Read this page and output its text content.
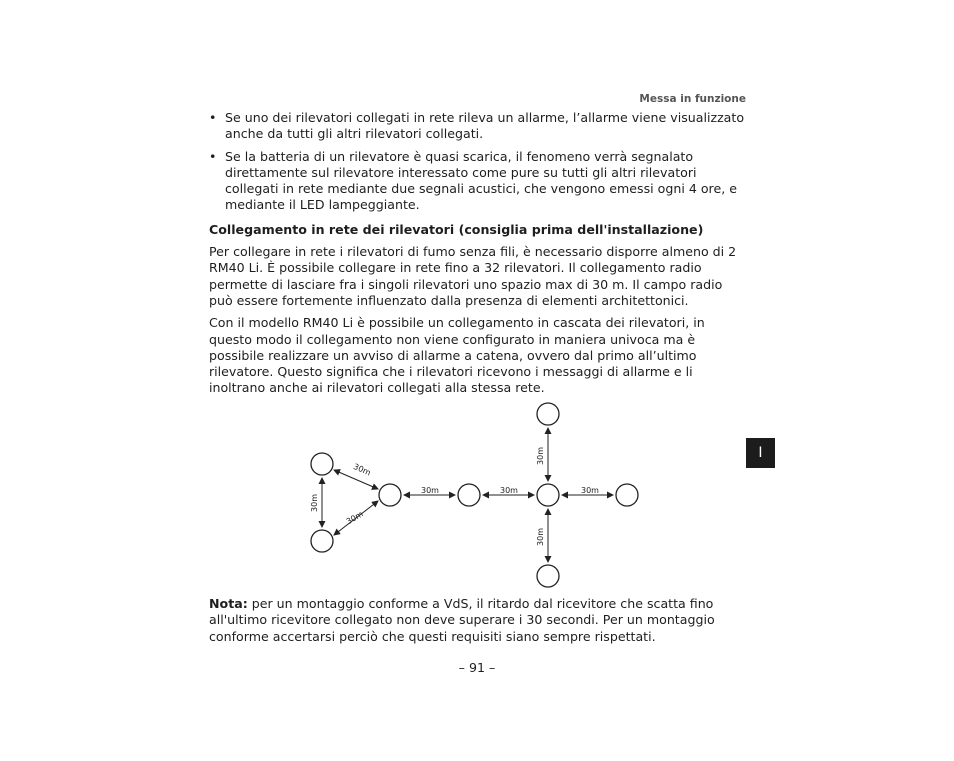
Messa in funzione
• Se uno dei rilevatori collegati in rete rileva un allarme, l’allarme viene visualizzato anche da tutti gli altri rilevatori collegati.
• Se la batteria di un rilevatore è quasi scarica, il fenomeno verrà segnalato direttamente sul rilevatore interessato come pure su tutti gli altri rilevatori collegati in rete mediante due segnali acustici, che vengono emessi ogni 4 ore, e mediante il LED lampeggiante.
Collegamento in rete dei rilevatori (consiglia prima dell'installazione)
Per collegare in rete i rilevatori di fumo senza fili, è necessario disporre almeno di 2 RM40 Li. È possibile collegare in rete fino a 32 rilevatori. Il collegamento radio permette di lasciare fra i singoli rilevatori uno spazio max di 30 m. Il campo radio può essere fortemente influenzato dalla presenza di elementi architettonici.
Con il modello RM40 Li è possibile un collegamento in cascata dei rilevatori, in questo modo il collegamento non viene configurato in maniera univoca ma è possibile realizzare un avviso di allarme a catena, ovvero dal primo all’ultimo rilevatore. Questo significa che i rilevatori ricevono i messaggi di allarme e li inoltrano anche ai rilevatori collegati alla stessa rete.
30m
30m
30m
30m	30m	30m
30m
30m
I
Nota: per un montaggio conforme a VdS, il ritardo dal ricevitore che scatta fino all'ultimo ricevitore collegato non deve superare i 30 secondi. Per un montaggio conforme accertarsi perciò che questi requisiti siano sempre rispettati.
– 91 –
